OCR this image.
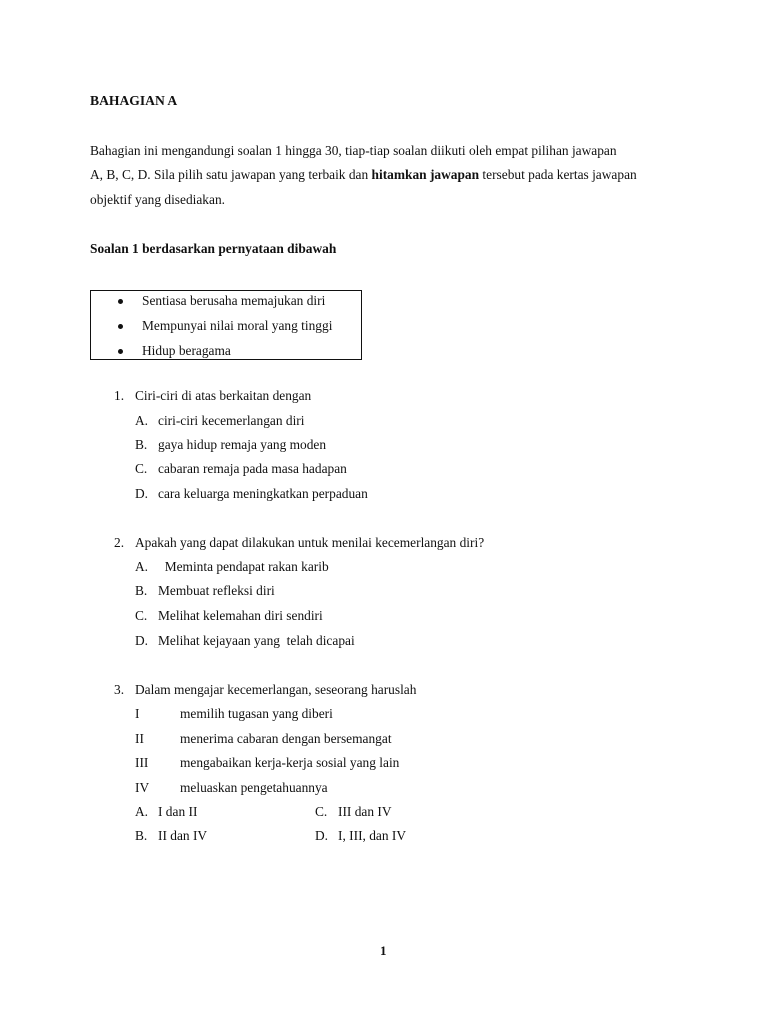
BAHAGIAN A
Bahagian ini mengandungi soalan 1 hingga 30, tiap-tiap soalan diikuti oleh empat pilihan jawapan
A, B, C, D. Sila pilih satu jawapan yang terbaik dan hitamkan jawapan tersebut pada kertas jawapan
objektif yang disediakan.
Soalan 1 berdasarkan pernyataan dibawah
Sentiasa berusaha memajukan diri
Mempunyai nilai moral yang tinggi
Hidup beragama
1. Ciri-ciri di atas berkaitan dengan
A. ciri-ciri kecemerlangan diri
B. gaya hidup remaja yang moden
C. cabaran remaja pada masa hadapan
D. cara keluarga meningkatkan perpaduan
2. Apakah yang dapat dilakukan untuk menilai kecemerlangan diri?
A. Meminta pendapat rakan karib
B. Membuat refleksi diri
C. Melihat kelemahan diri sendiri
D. Melihat kejayaan yang  telah dicapai
3. Dalam mengajar kecemerlangan, seseorang haruslah
I	memilih tugasan yang diberi
II	menerima cabaran dengan bersemangat
III mengabaikan kerja-kerja sosial yang lain
IV meluaskan pengetahuannya
A. I dan II	C. III dan IV
B. II dan IV	D. I, III, dan IV
1
